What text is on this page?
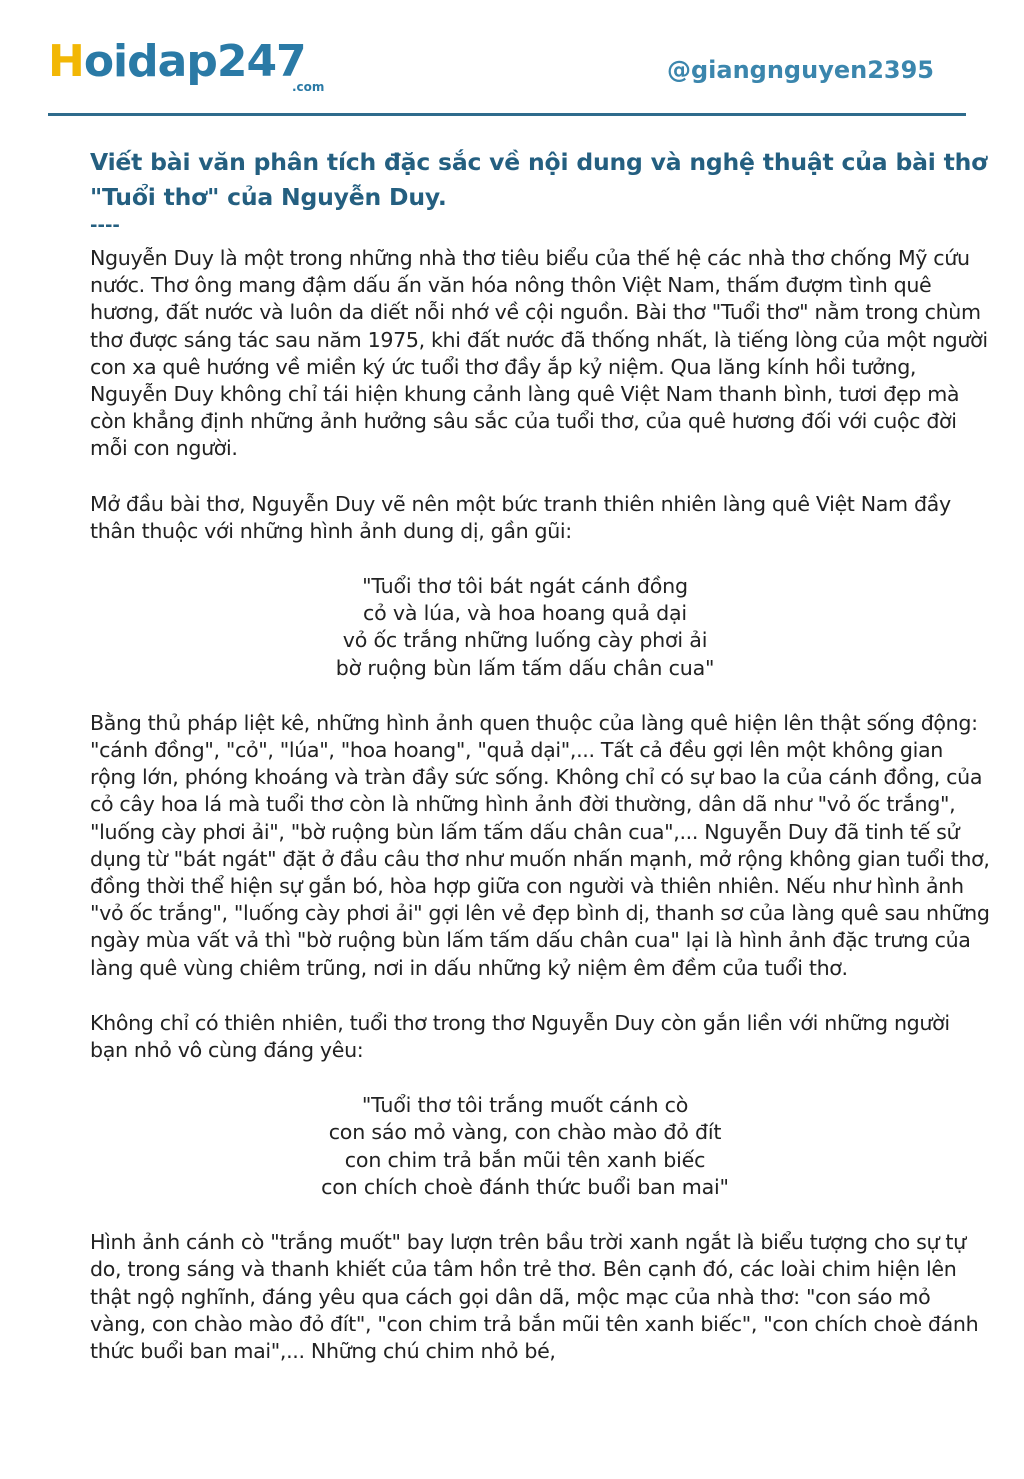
Hoidap247
.com
@giangnguyen2395
Viết bài văn phân tích đặc sắc về nội dung và nghệ thuật của bài thơ "Tuổi thơ" của Nguyễn Duy.
----

Nguyễn Duy là một trong những nhà thơ tiêu biểu của thế hệ các nhà thơ chống Mỹ cứu nước. Thơ ông mang đậm dấu ấn văn hóa nông thôn Việt Nam, thấm đượm tình quê hương, đất nước và luôn da diết nỗi nhớ về cội nguồn. Bài thơ "Tuổi thơ" nằm trong chùm thơ được sáng tác sau năm 1975, khi đất nước đã thống nhất, là tiếng lòng của một người con xa quê hướng về miền ký ức tuổi thơ đầy ắp kỷ niệm. Qua lăng kính hồi tưởng, Nguyễn Duy không chỉ tái hiện khung cảnh làng quê Việt Nam thanh bình, tươi đẹp mà còn khẳng định những ảnh hưởng sâu sắc của tuổi thơ, của quê hương đối với cuộc đời mỗi con người.

Mở đầu bài thơ, Nguyễn Duy vẽ nên một bức tranh thiên nhiên làng quê Việt Nam đầy thân thuộc với những hình ảnh dung dị, gần gũi:

"Tuổi thơ tôi bát ngát cánh đồng
cỏ và lúa, và hoa hoang quả dại
vỏ ốc trắng những luống cày phơi ải
bờ ruộng bùn lấm tấm dấu chân cua"

Bằng thủ pháp liệt kê, những hình ảnh quen thuộc của làng quê hiện lên thật sống động: "cánh đồng", "cỏ", "lúa", "hoa hoang", "quả dại",... Tất cả đều gợi lên một không gian rộng lớn, phóng khoáng và tràn đầy sức sống. Không chỉ có sự bao la của cánh đồng, của cỏ cây hoa lá mà tuổi thơ còn là những hình ảnh đời thường, dân dã như "vỏ ốc trắng", "luống cày phơi ải", "bờ ruộng bùn lấm tấm dấu chân cua",... Nguyễn Duy đã tinh tế sử dụng từ "bát ngát" đặt ở đầu câu thơ như muốn nhấn mạnh, mở rộng không gian tuổi thơ, đồng thời thể hiện sự gắn bó, hòa hợp giữa con người và thiên nhiên. Nếu như hình ảnh "vỏ ốc trắng", "luống cày phơi ải" gợi lên vẻ đẹp bình dị, thanh sơ của làng quê sau những ngày mùa vất vả thì "bờ ruộng bùn lấm tấm dấu chân cua" lại là hình ảnh đặc trưng của làng quê vùng chiêm trũng, nơi in dấu những kỷ niệm êm đềm của tuổi thơ.

Không chỉ có thiên nhiên, tuổi thơ trong thơ Nguyễn Duy còn gắn liền với những người bạn nhỏ vô cùng đáng yêu:

"Tuổi thơ tôi trắng muốt cánh cò
con sáo mỏ vàng, con chào mào đỏ đít
con chim trả bắn mũi tên xanh biếc
con chích choè đánh thức buổi ban mai"

Hình ảnh cánh cò "trắng muốt" bay lượn trên bầu trời xanh ngắt là biểu tượng cho sự tự do, trong sáng và thanh khiết của tâm hồn trẻ thơ. Bên cạnh đó, các loài chim hiện lên thật ngộ nghĩnh, đáng yêu qua cách gọi dân dã, mộc mạc của nhà thơ: "con sáo mỏ vàng, con chào mào đỏ đít", "con chim trả bắn mũi tên xanh biếc", "con chích choè đánh thức buổi ban mai",... Những chú chim nhỏ bé,
